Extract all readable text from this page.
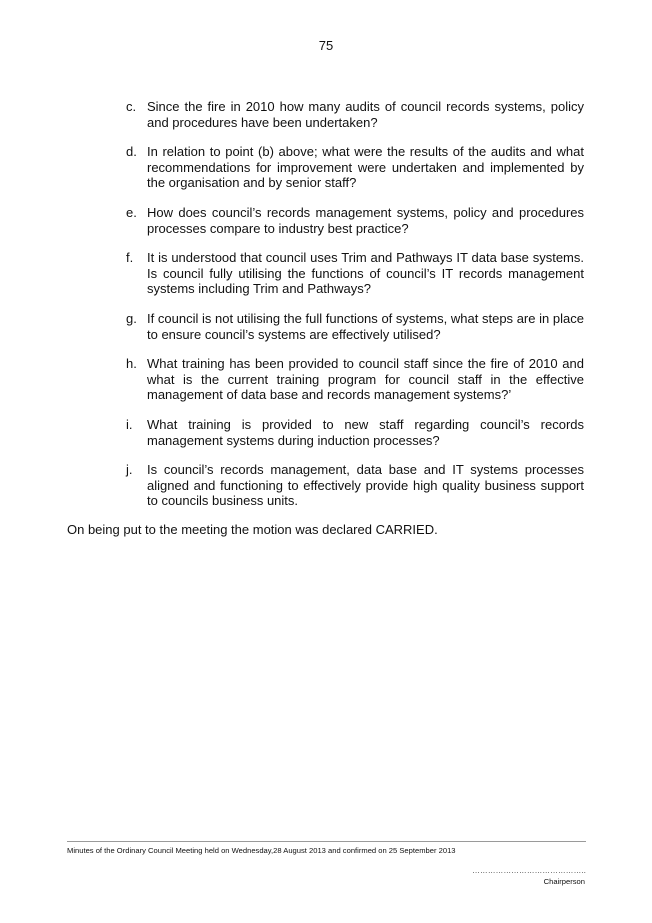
75
c. Since the fire in 2010 how many audits of council records systems, policy and procedures have been undertaken?
d. In relation to point (b) above; what were the results of the audits and what recommendations for improvement were undertaken and implemented by the organisation and by senior staff?
e. How does council’s records management systems, policy and procedures processes compare to industry best practice?
f. It is understood that council uses Trim and Pathways IT data base systems. Is council fully utilising the functions of council’s IT records management systems including Trim and Pathways?
g. If council is not utilising the full functions of systems, what steps are in place to ensure council’s systems are effectively utilised?
h. What training has been provided to council staff since the fire of 2010 and what is the current training program for council staff in the effective management of data base and records management systems?’
i. What training is provided to new staff regarding council’s records management systems during induction processes?
j. Is council’s records management, data base and IT systems processes aligned and functioning to effectively provide high quality business support to councils business units.
On being put to the meeting the motion was declared CARRIED.
Minutes of the Ordinary Council Meeting held on Wednesday,28 August 2013 and confirmed on 25 September 2013
……………………………………..
Chairperson
